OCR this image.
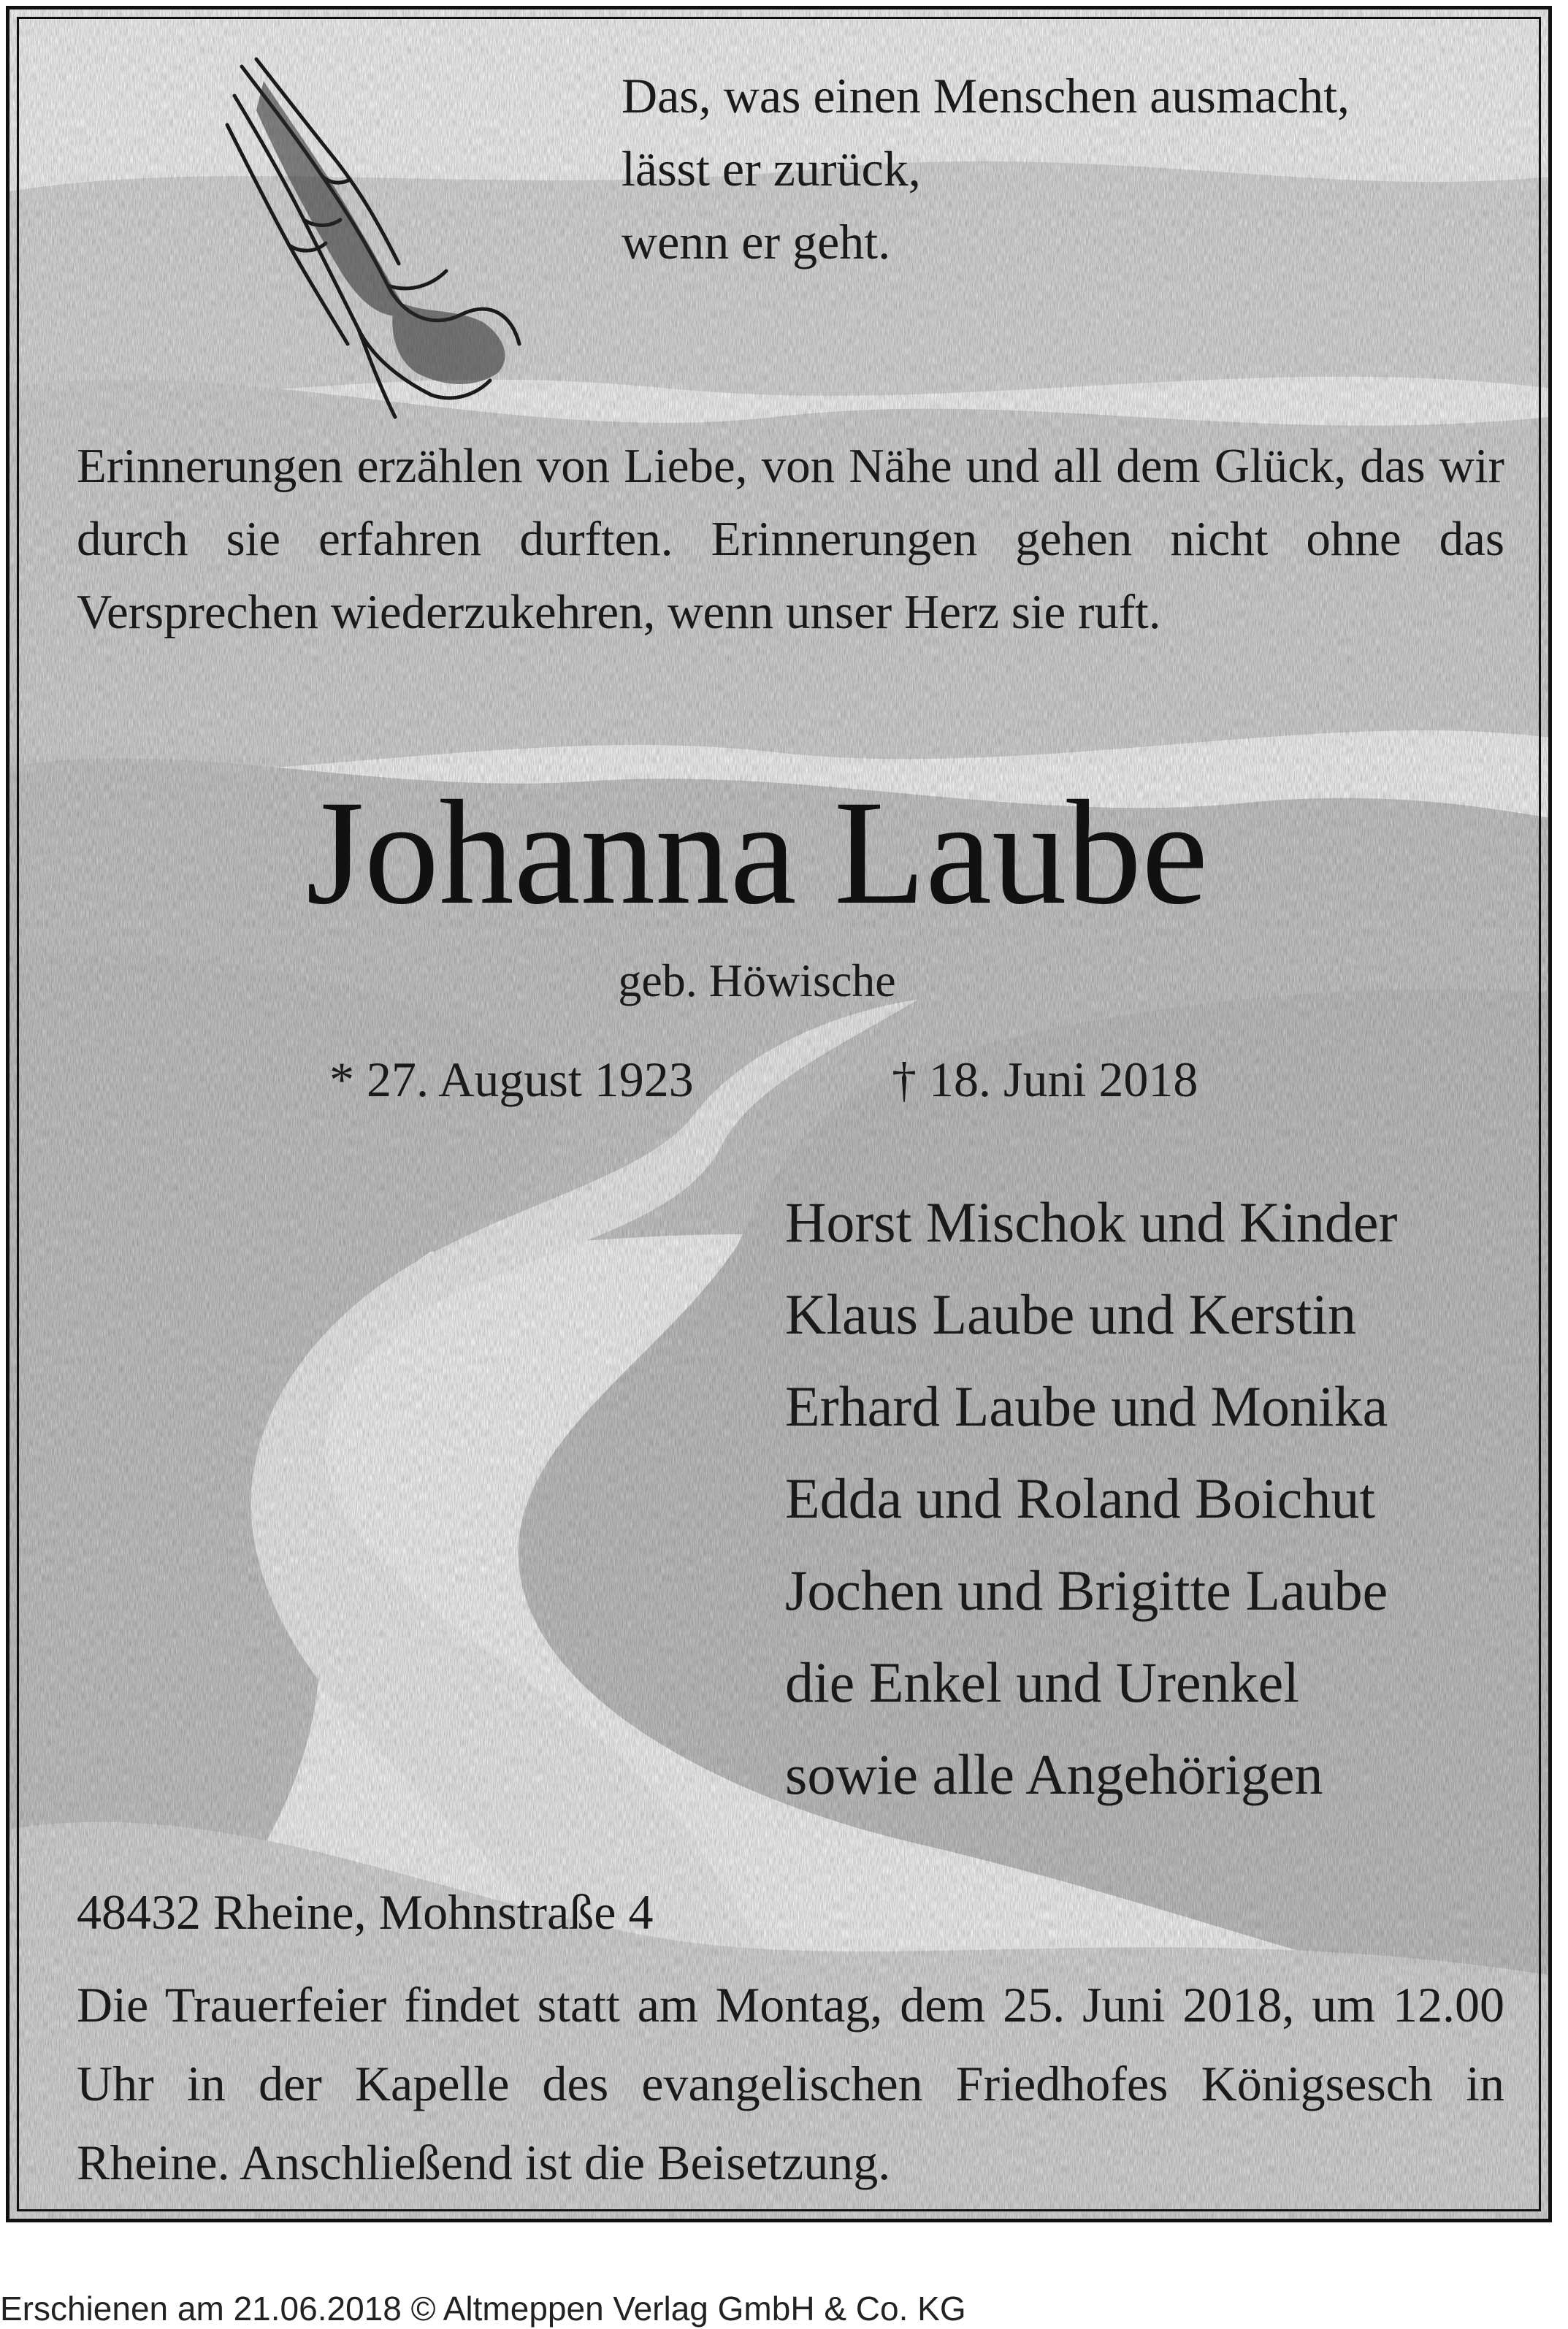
Das, was einen Menschen ausmacht,
lässt er zurück,
wenn er geht.
Erinnerungen erzählen von Liebe, von Nähe und all dem Glück, das wir durch sie erfahren durften. Erinnerungen gehen nicht ohne das Versprechen wiederzukehren, wenn unser Herz sie ruft.
Johanna Laube
geb. Höwische
* 27. August 1923	† 18. Juni 2018
Horst Mischok und Kinder
Klaus Laube und Kerstin
Erhard Laube und Monika
Edda und Roland Boichut
Jochen und Brigitte Laube
die Enkel und Urenkel
sowie alle Angehörigen
48432 Rheine, Mohnstraße 4
Die Trauerfeier findet statt am Montag, dem 25. Juni 2018, um 12.00 Uhr in der Kapelle des evangelischen Friedhofes Königsesch in Rheine. Anschließend ist die Beisetzung.
Erschienen am 21.06.2018 © Altmeppen Verlag GmbH & Co. KG
